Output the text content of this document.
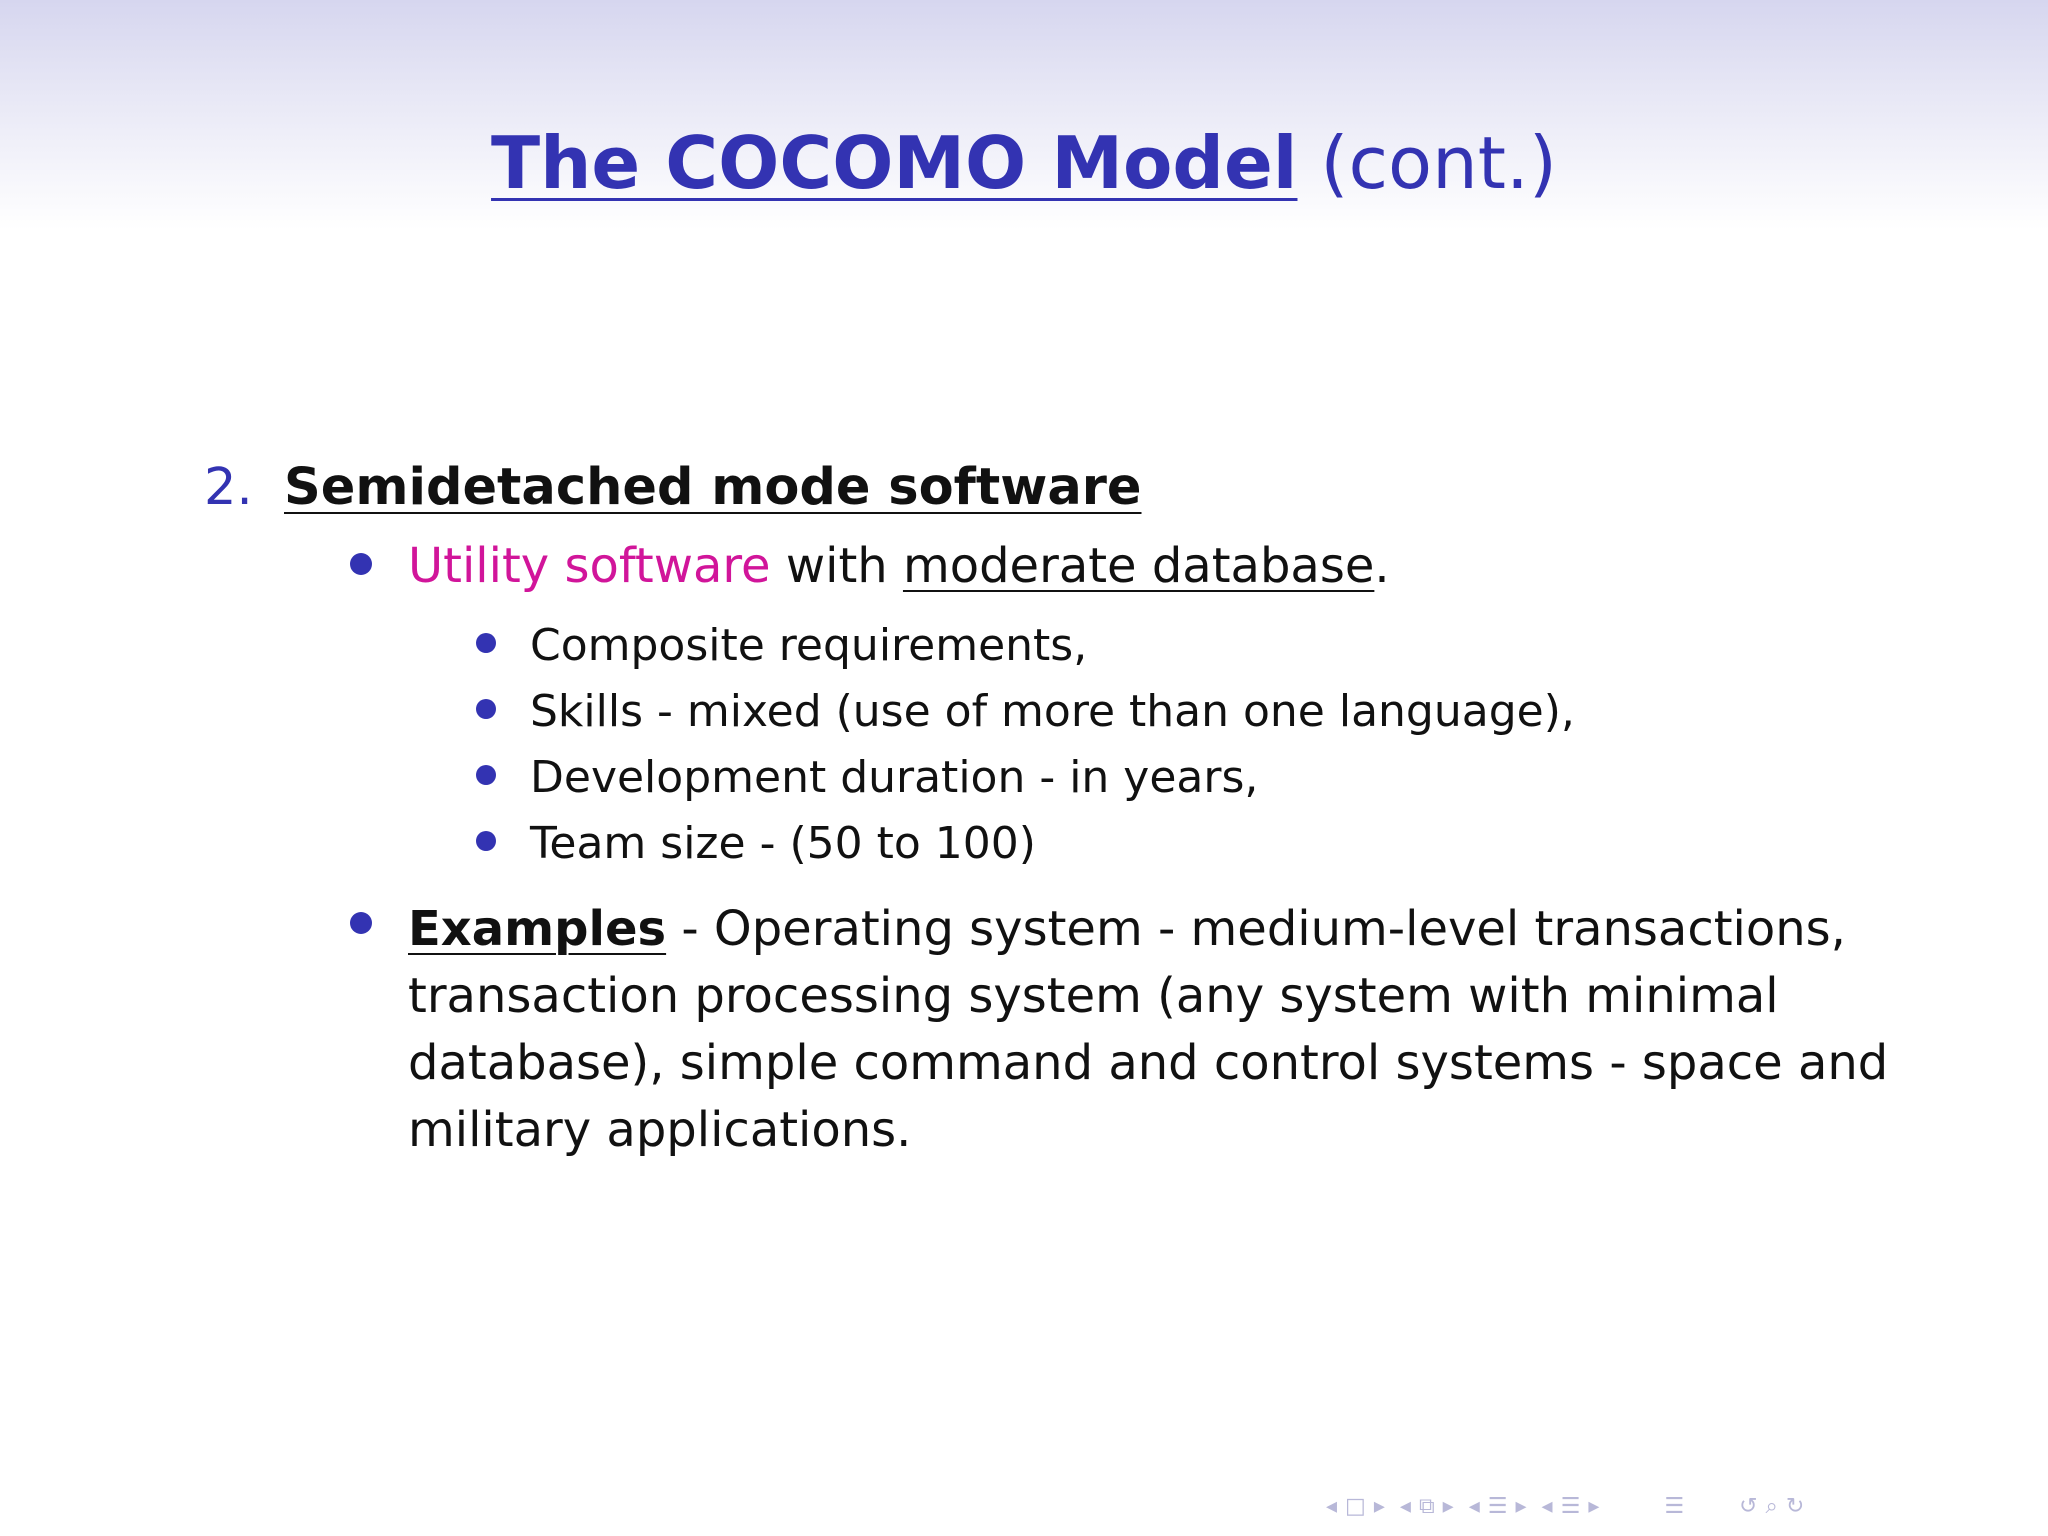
The COCOMO Model (cont.)
2. Semidetached mode software
Utility software with moderate database.
Composite requirements,
Skills - mixed (use of more than one language),
Development duration - in years,
Team size - (50 to 100)
Examples - Operating system - medium-level transactions,
transaction processing system (any system with minimal
database), simple command and control systems - space and
military applications.
◂ □ ▸ ◂ ⧉ ▸ ◂ ☰ ▸ ◂ ☰ ▸	☰	↺ ⌕ ↻
